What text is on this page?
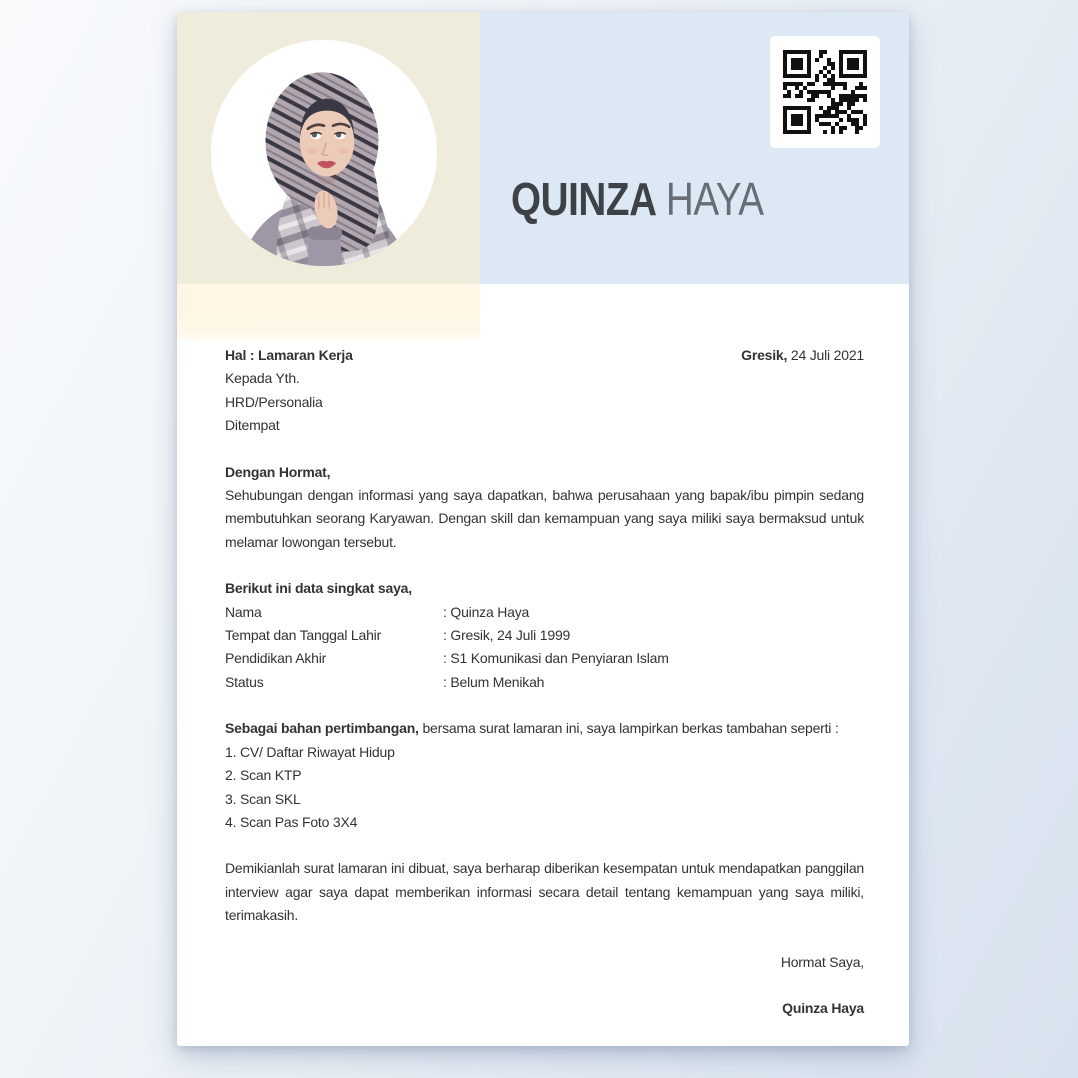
QUINZA HAYA
Hal : Lamaran Kerja	Gresik, 24 Juli 2021

Kepada Yth.

HRD/Personalia

Ditempat

Dengan Hormat,

Sehubungan dengan informasi yang saya dapatkan, bahwa perusahaan yang bapak/ibu pimpin sedang membutuhkan seorang Karyawan. Dengan skill dan kemampuan yang saya miliki saya bermaksud untuk melamar lowongan tersebut.

Berikut ini data singkat saya,

Nama	: Quinza Haya
Tempat dan Tanggal Lahir	: Gresik, 24 Juli 1999
Pendidikan Akhir	: S1 Komunikasi dan Penyiaran Islam
Status	: Belum Menikah

Sebagai bahan pertimbangan, bersama surat lamaran ini, saya lampirkan berkas tambahan seperti :

1. CV/ Daftar Riwayat Hidup

2. Scan KTP

3. Scan SKL

4. Scan Pas Foto 3X4

Demikianlah surat lamaran ini dibuat, saya berharap diberikan kesempatan untuk mendapatkan panggilan interview agar saya dapat memberikan informasi secara detail tentang kemampuan yang saya miliki, terimakasih.

Hormat Saya,

Quinza Haya
